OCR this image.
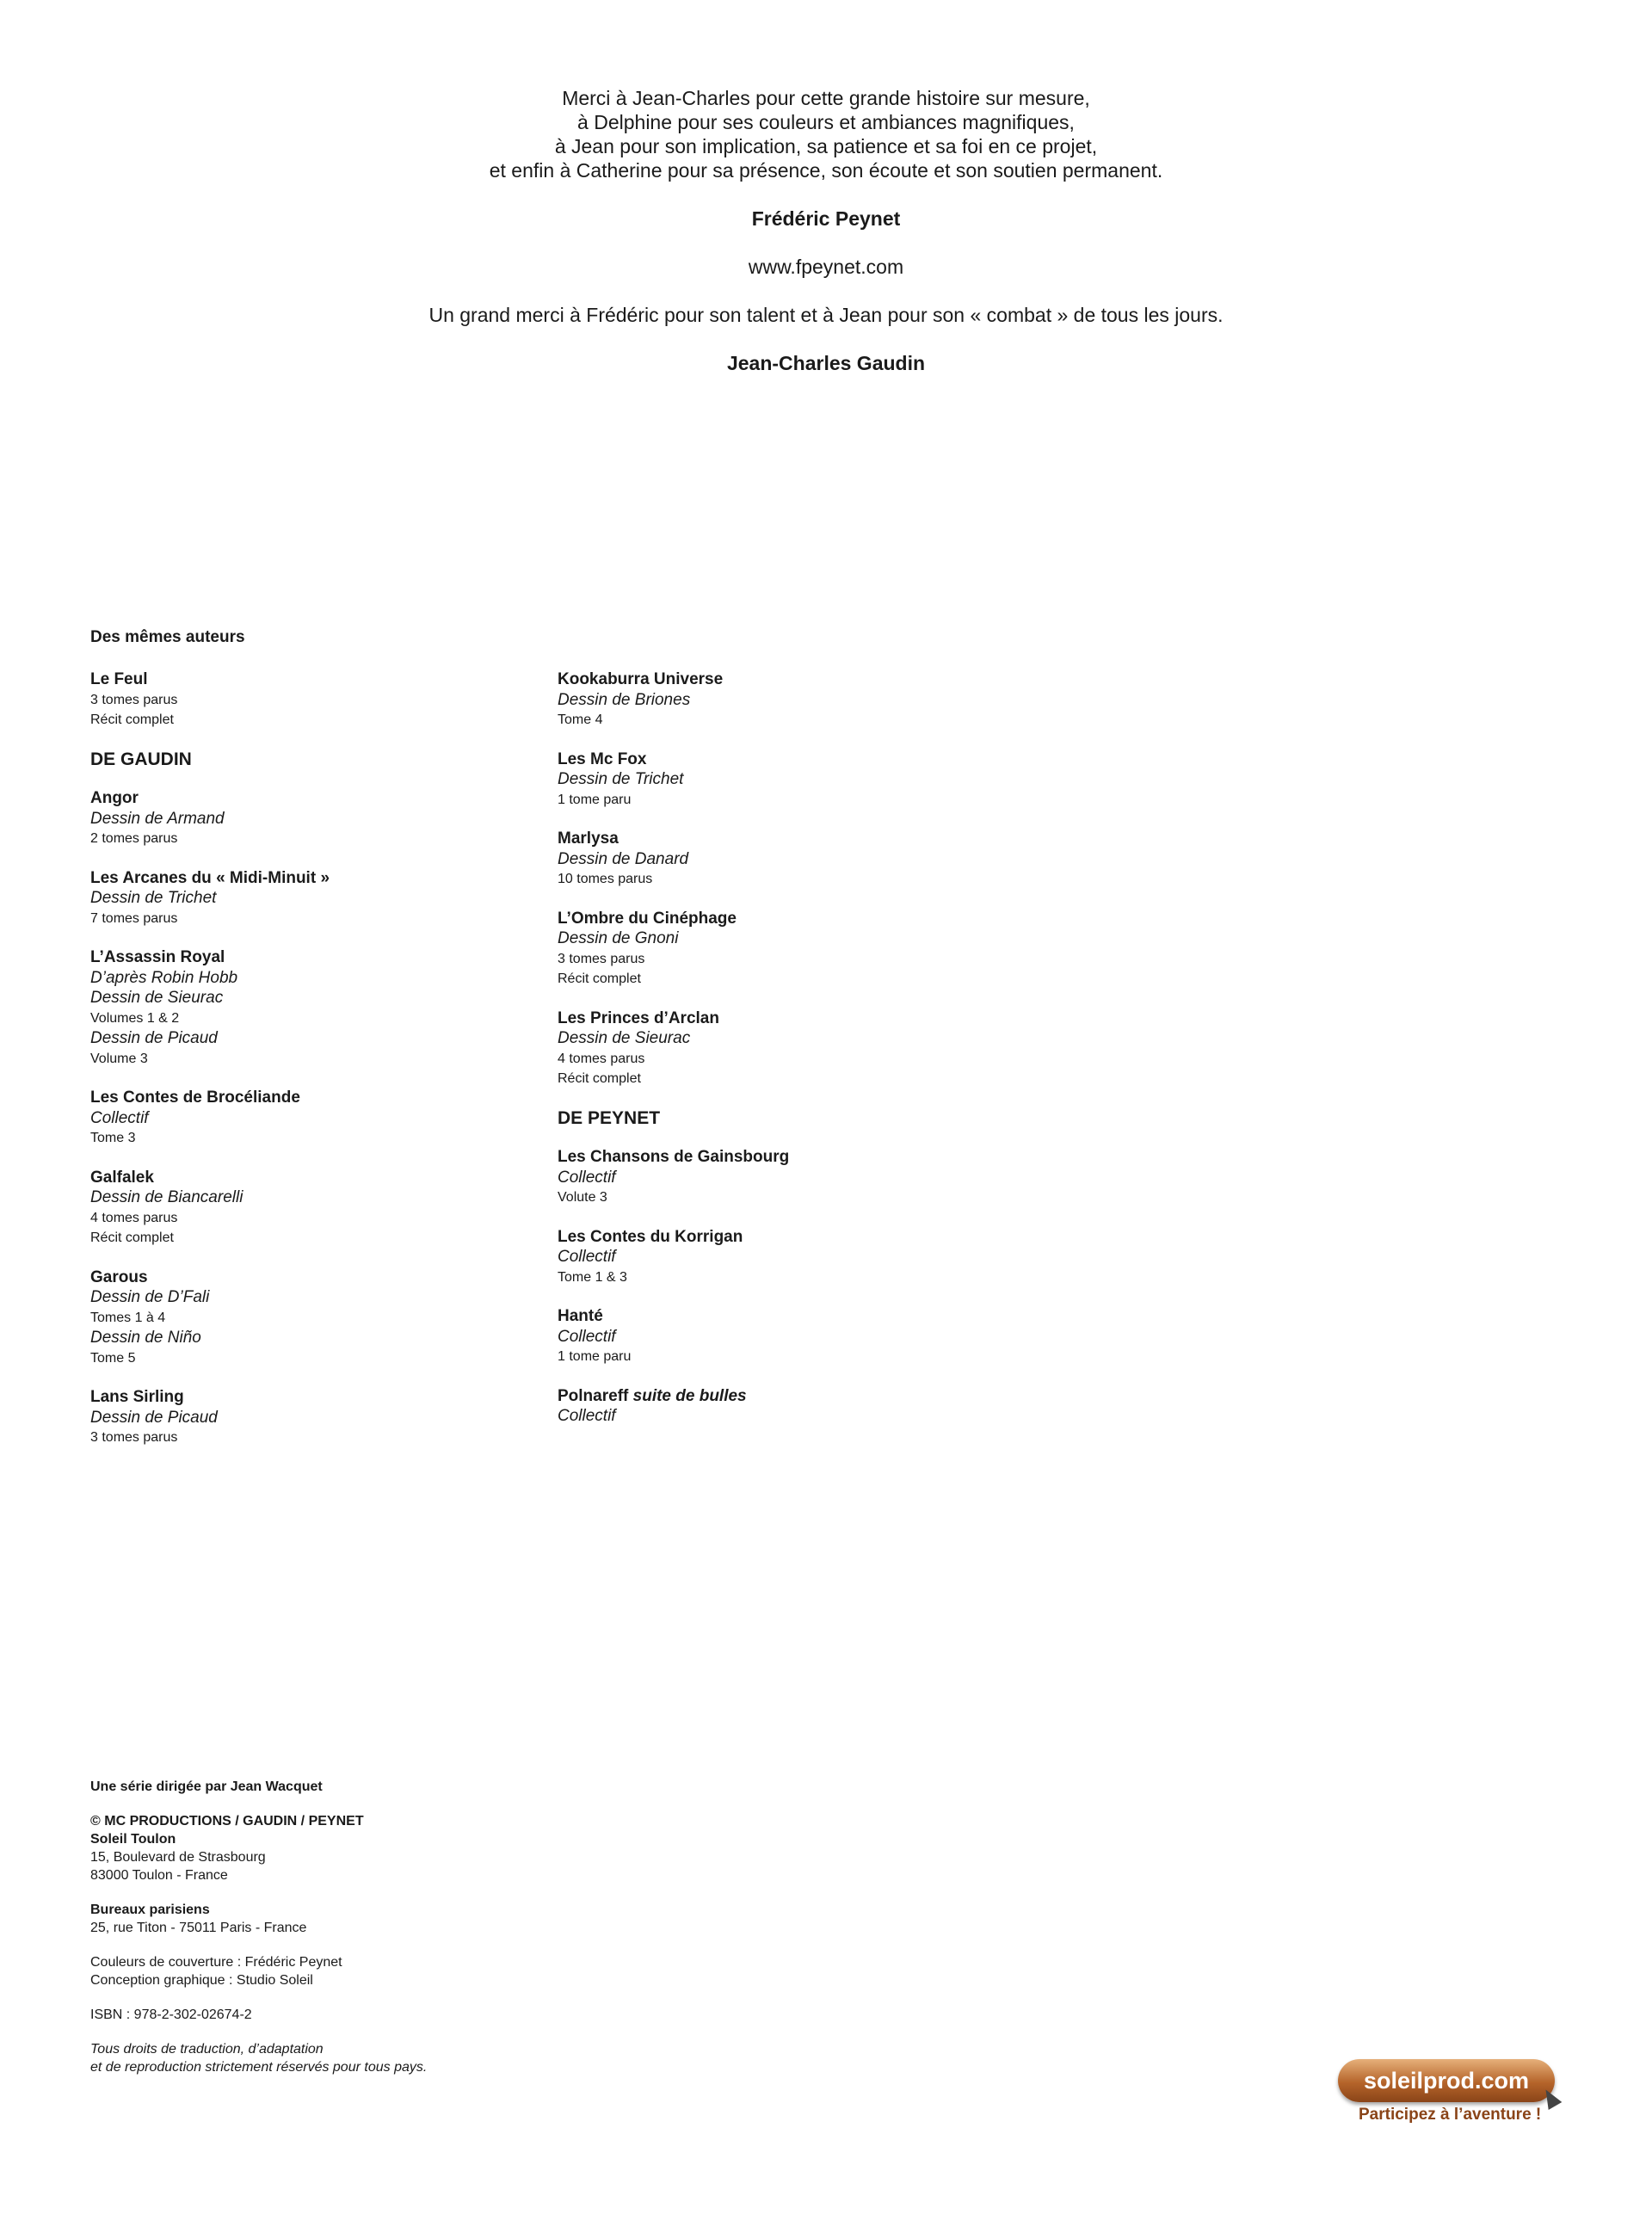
Merci à Jean-Charles pour cette grande histoire sur mesure,
à Delphine pour ses couleurs et ambiances magnifiques,
à Jean pour son implication, sa patience et sa foi en ce projet,
et enfin à Catherine pour sa présence, son écoute et son soutien permanent.

Frédéric Peynet

www.fpeynet.com

Un grand merci à Frédéric pour son talent et à Jean pour son « combat » de tous les jours.

Jean-Charles Gaudin

Des mêmes auteurs
Le Feul
3 tomes parus
Récit complet
DE GAUDIN
Angor
Dessin de Armand
2 tomes parus
Les Arcanes du « Midi-Minuit »
Dessin de Trichet
7 tomes parus
L’Assassin Royal
D’après Robin Hobb
Dessin de Sieurac
Volumes 1 & 2
Dessin de Picaud
Volume 3
Les Contes de Brocéliande
Collectif
Tome 3
Galfalek
Dessin de Biancarelli
4 tomes parus
Récit complet
Garous
Dessin de D’Fali
Tomes 1 à 4
Dessin de Niño
Tome 5
Lans Sirling
Dessin de Picaud
3 tomes parus
Kookaburra Universe
Dessin de Briones
Tome 4
Les Mc Fox
Dessin de Trichet
1 tome paru
Marlysa
Dessin de Danard
10 tomes parus
L’Ombre du Cinéphage
Dessin de Gnoni
3 tomes parus
Récit complet
Les Princes d’Arclan
Dessin de Sieurac
4 tomes parus
Récit complet
DE PEYNET
Les Chansons de Gainsbourg
Collectif
Volute 3
Les Contes du Korrigan
Collectif
Tome 1 & 3
Hanté
Collectif
1 tome paru
Polnareff suite de bulles
Collectif

Une série dirigée par Jean Wacquet

© MC PRODUCTIONS / GAUDIN / PEYNET
Soleil Toulon
15, Boulevard de Strasbourg
83000 Toulon - France

Bureaux parisiens
25, rue Titon - 75011 Paris - France

Couleurs de couverture : Frédéric Peynet
Conception graphique : Studio Soleil

ISBN : 978-2-302-02674-2

Tous droits de traduction, d’adaptation
et de reproduction strictement réservés pour tous pays.

soleilprod.com
Participez à l’aventure !
